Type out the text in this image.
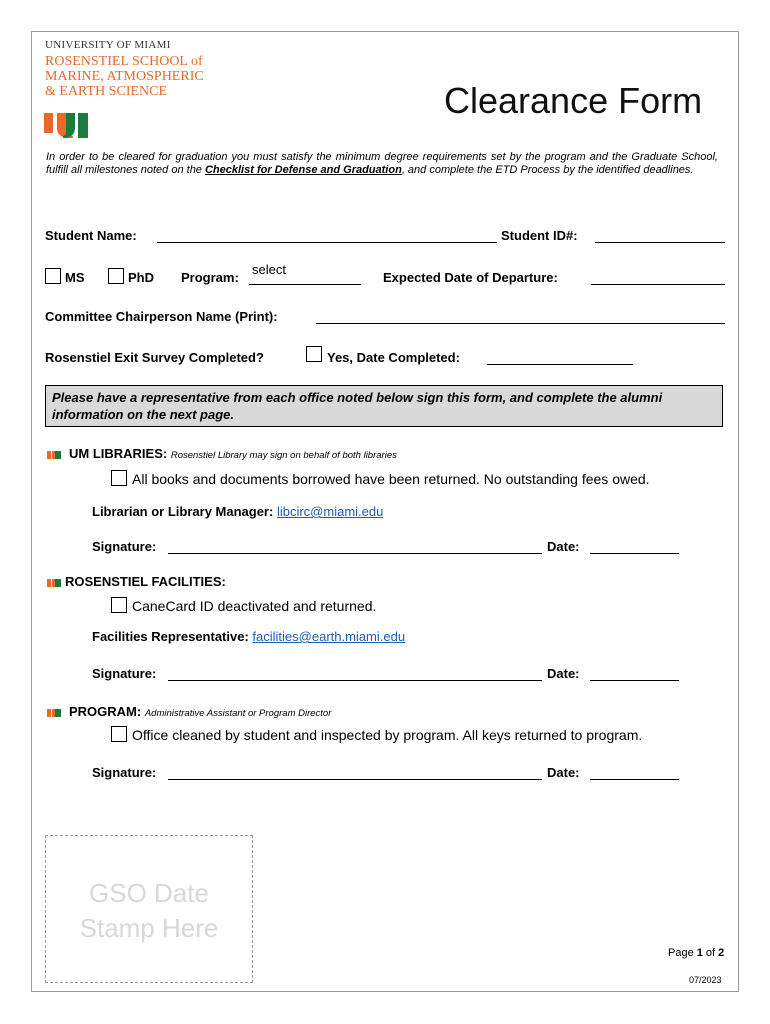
UNIVERSITY OF MIAMI
ROSENSTIEL SCHOOL of
MARINE, ATMOSPHERIC
& EARTH SCIENCE	Clearance Form
In order to be cleared for graduation you must satisfy the minimum degree requirements set by the program and the Graduate School, fulfill all milestones noted on the Checklist for Defense and Graduation, and complete the ETD Process by the identified deadlines.
Student Name:	Student ID#:
MS	PhD Program:
select
Expected Date of Departure:
Committee Chairperson Name (Print):
Rosenstiel Exit Survey Completed?	Yes, Date Completed:
Please have a representative from each office noted below sign this form, and complete the alumni information on the next page.
UM LIBRARIES: Rosenstiel Library may sign on behalf of both libraries
All books and documents borrowed have been returned. No outstanding fees owed.
Librarian or Library Manager: libcirc@miami.edu
Signature:	Date:
ROSENSTIEL FACILITIES:
CaneCard ID deactivated and returned.
Facilities Representative: facilities@earth.miami.edu
Signature:	Date:
PROGRAM: Administrative Assistant or Program Director
Office cleaned by student and inspected by program. All keys returned to program.
Signature:	Date:
GSO Date
Stamp Here
Page 1 of 2
07/2023
